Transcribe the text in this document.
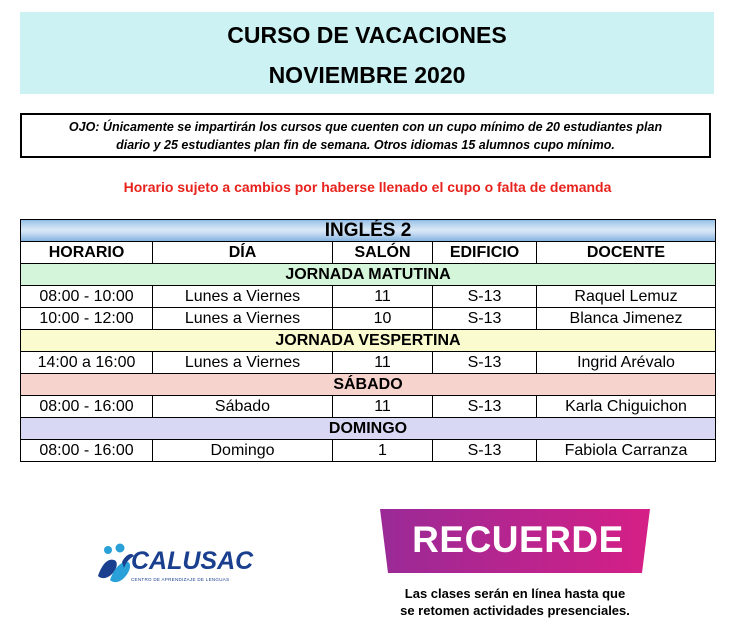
CURSO DE VACACIONES
NOVIEMBRE 2020
OJO: Únicamente se impartirán los cursos que cuenten con un cupo mínimo de 20 estudiantes plan
diario y 25 estudiantes plan fin de semana. Otros idiomas 15 alumnos cupo mínimo.
Horario sujeto a cambios por haberse llenado el cupo o falta de demanda
INGLÉS 2				
HORARIO	DÍA	SALÓN	EDIFICIO	DOCENTE
JORNADA MATUTINA				
08:00 - 10:00	Lunes a Viernes	11	S-13	Raquel Lemuz
10:00 - 12:00	Lunes a Viernes	10	S-13	Blanca Jimenez
JORNADA VESPERTINA				
14:00 a 16:00	Lunes a Viernes	11	S-13	Ingrid Arévalo
SÁBADO				
08:00 - 16:00	Sábado	11	S-13	Karla Chiguichon
DOMINGO				
08:00 - 16:00	Domingo	1	S-13	Fabiola Carranza
CALUSAC
CENTRO DE APRENDIZAJE DE LENGUAS
RECUERDE
Las clases serán en línea hasta que
se retomen actividades presenciales.
